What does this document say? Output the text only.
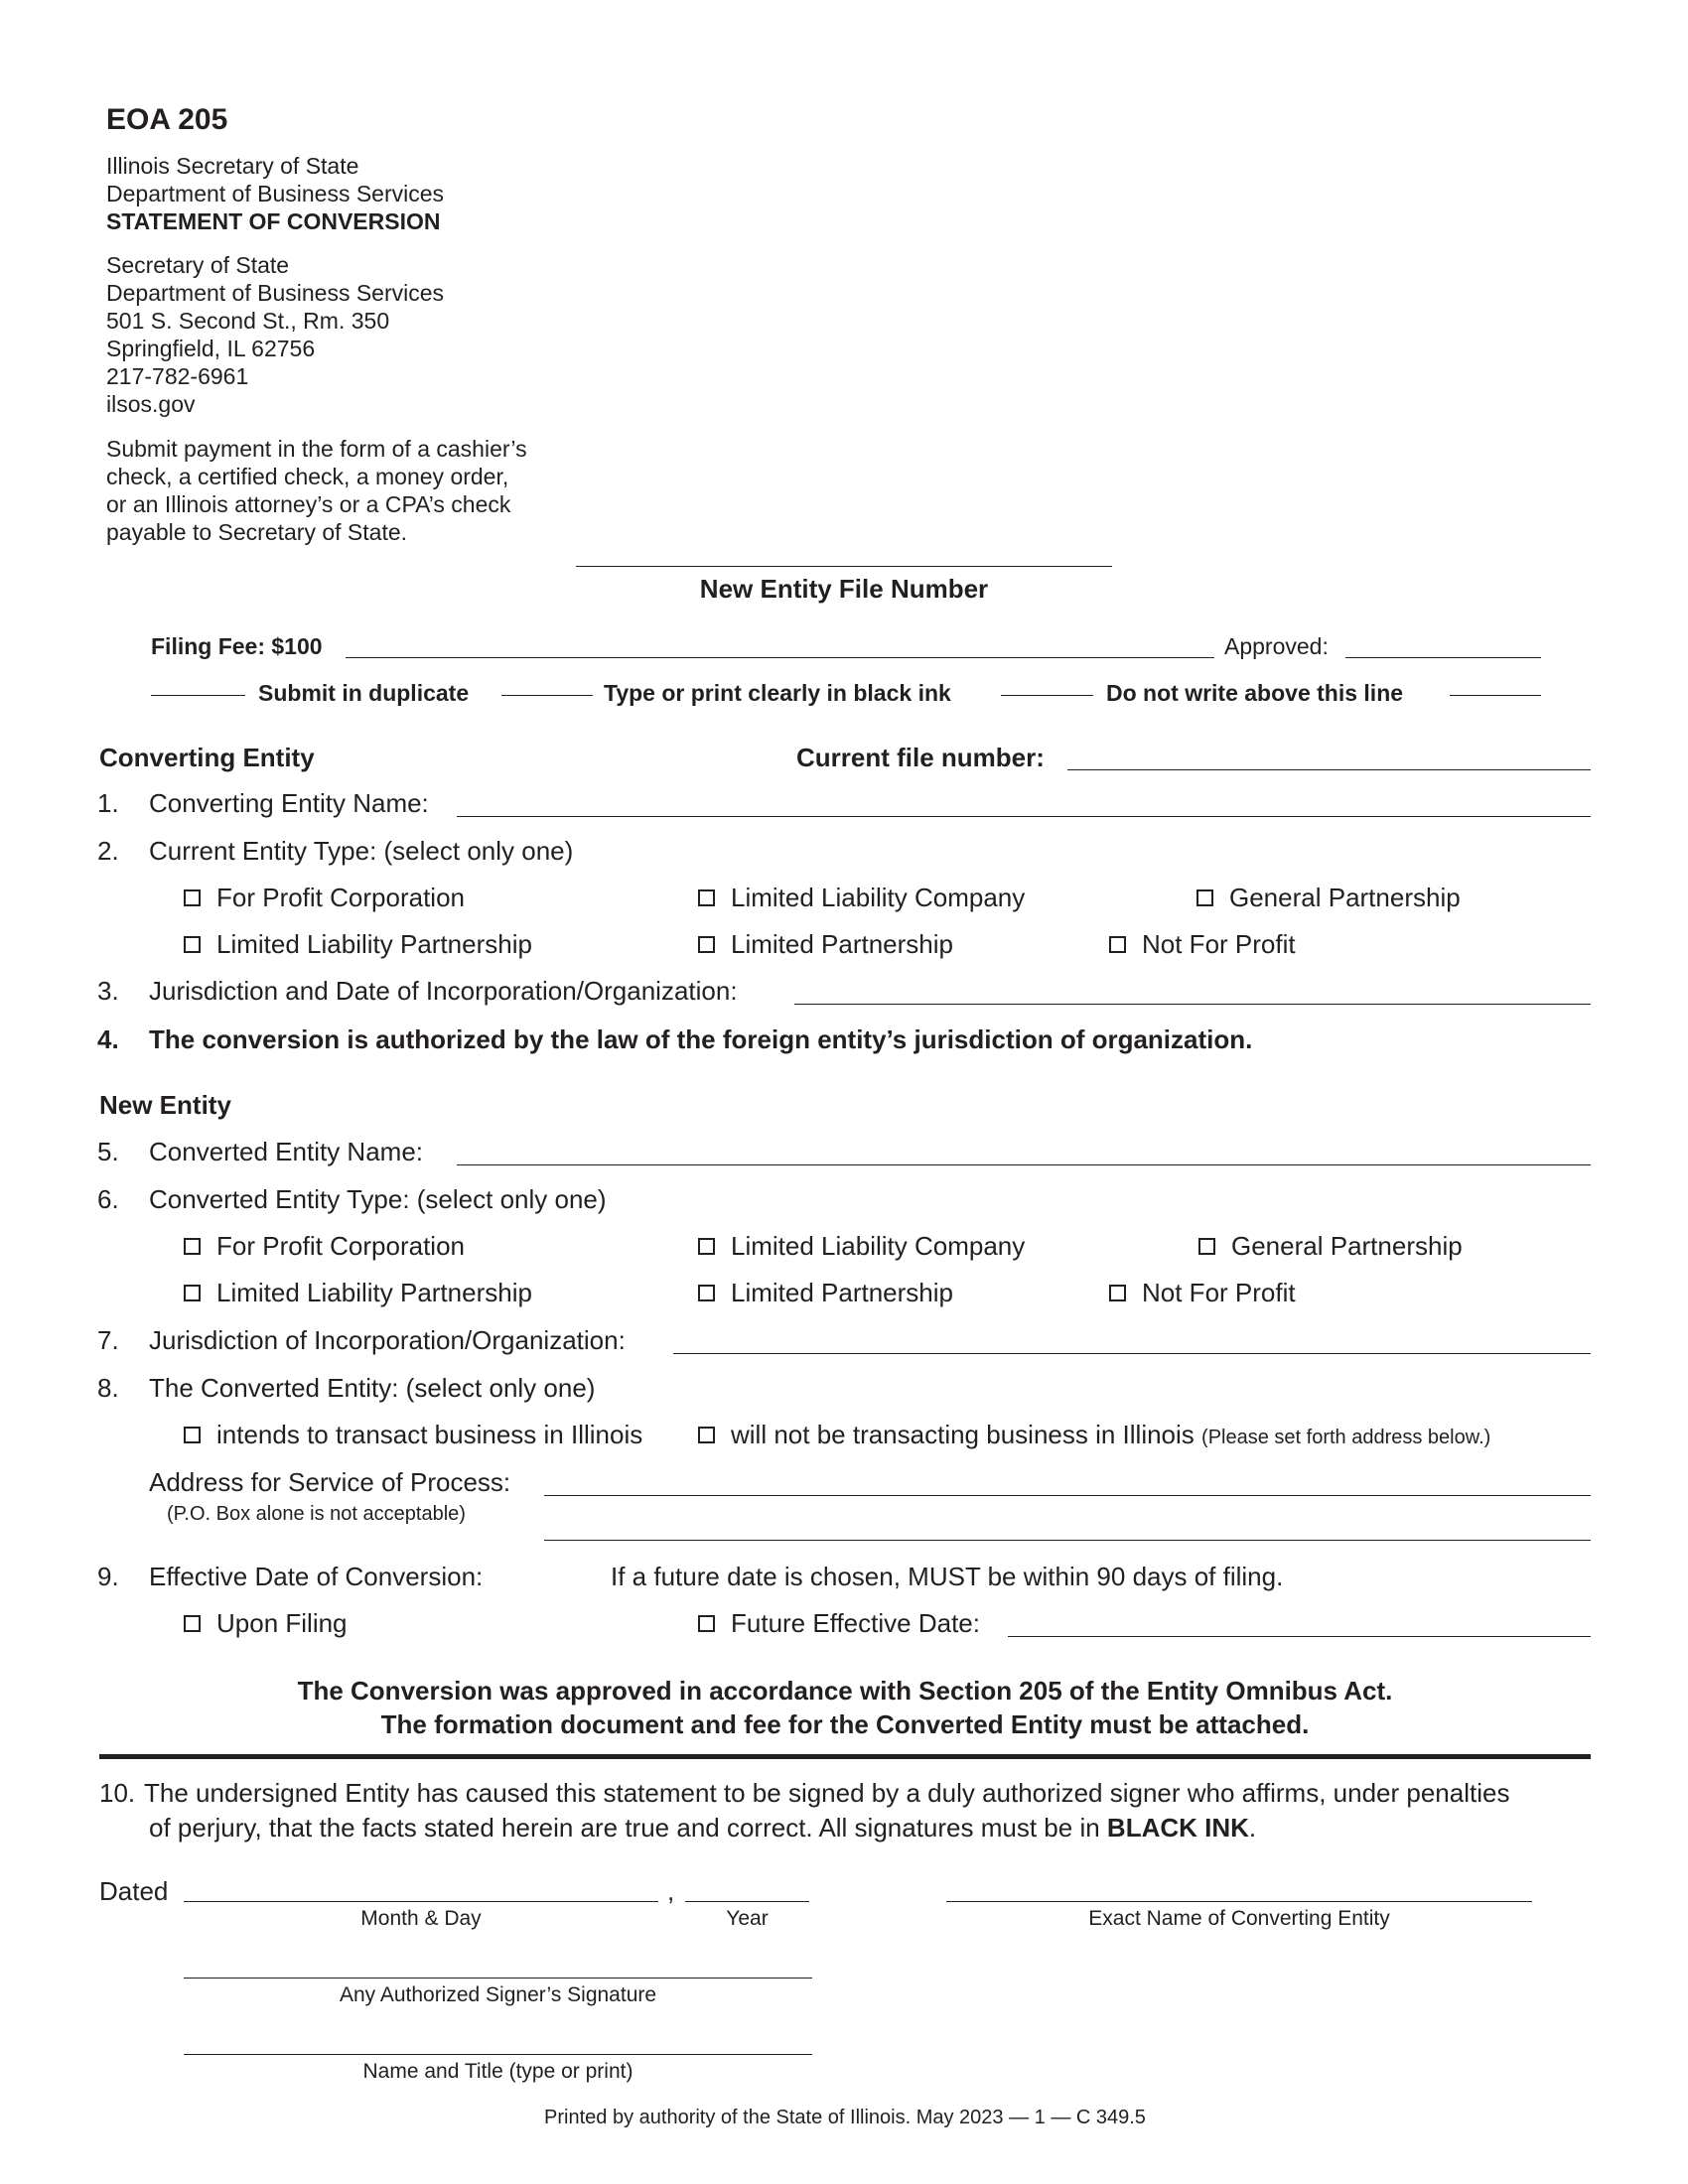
EOA 205
Illinois Secretary of State
Department of Business Services
STATEMENT OF CONVERSION
Secretary of State
Department of Business Services
501 S. Second St., Rm. 350
Springfield, IL 62756
217-782-6961
ilsos.gov
Submit payment in the form of a cashier’s
check, a certified check, a money order,
or an Illinois attorney’s or a CPA’s check
payable to Secretary of State.
New Entity File Number
Filing Fee: $100	Approved:
Submit in duplicate	Type or print clearly in black ink	Do not write above this line
Converting Entity	Current file number:
1. Converting Entity Name:
2. Current Entity Type: (select only one)
For Profit Corporation	Limited Liability Company	General Partnership
Limited Liability Partnership	Limited Partnership	Not For Profit
3. Jurisdiction and Date of Incorporation/Organization:
4. The conversion is authorized by the law of the foreign entity’s jurisdiction of organization.
New Entity
5. Converted Entity Name:
6. Converted Entity Type: (select only one)
For Profit Corporation	Limited Liability Company	General Partnership
Limited Liability Partnership	Limited Partnership	Not For Profit
7. Jurisdiction of Incorporation/Organization:
8. The Converted Entity: (select only one)
intends to transact business in Illinois	will not be transacting business in Illinois (Please set forth address below.)
Address for Service of Process:
(P.O. Box alone is not acceptable)
9. Effective Date of Conversion:	If a future date is chosen, MUST be within 90 days of filing.
Upon Filing	Future Effective Date:
The Conversion was approved in accordance with Section 205 of the Entity Omnibus Act.
The formation document and fee for the Converted Entity must be attached.
10. The undersigned Entity has caused this statement to be signed by a duly authorized signer who affirms, under penalties
of perjury, that the facts stated herein are true and correct. All signatures must be in BLACK INK.
Dated	,
Month & Day	Year	Exact Name of Converting Entity
Any Authorized Signer’s Signature
Name and Title (type or print)
Printed by authority of the State of Illinois. May 2023 — 1 — C 349.5
